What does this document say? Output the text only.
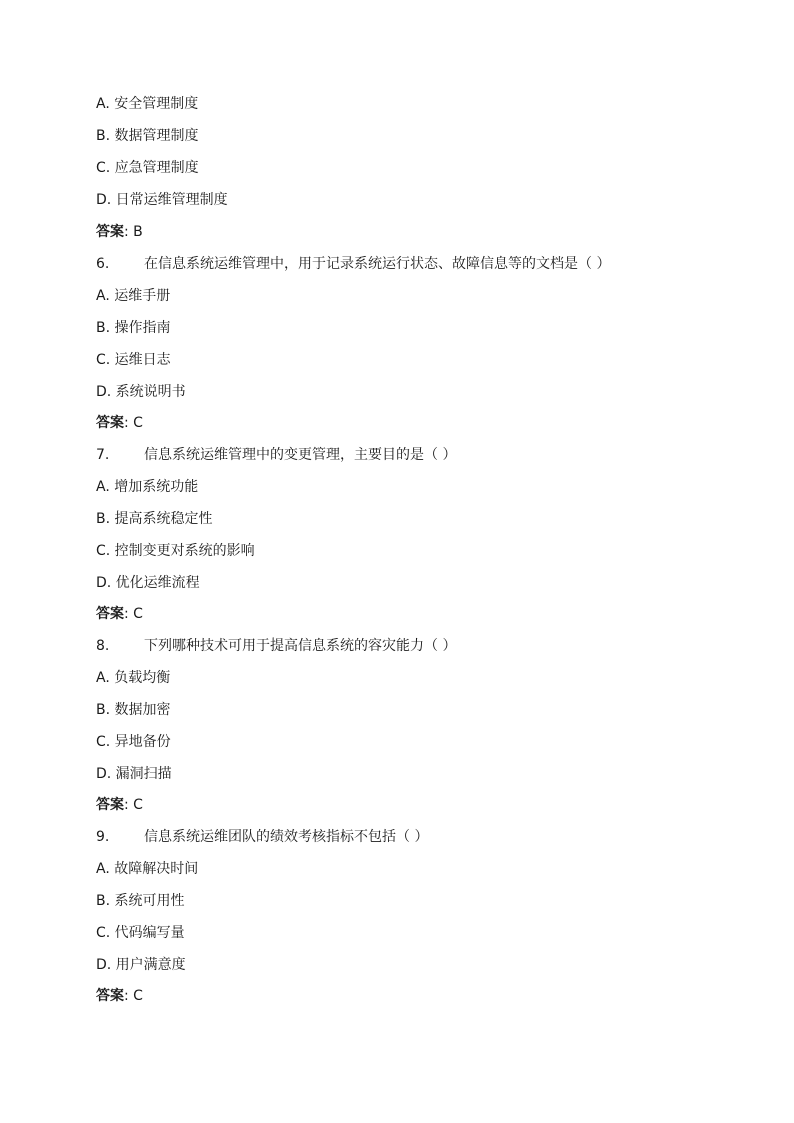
A. 安全管理制度
B. 数据管理制度
C. 应急管理制度
D. 日常运维管理制度
答案: B
6. 在信息系统运维管理中，用于记录系统运行状态、故障信息等的文档是（ ）
A. 运维手册
B. 操作指南
C. 运维日志
D. 系统说明书
答案: C
7. 信息系统运维管理中的变更管理，主要目的是（ ）
A. 增加系统功能
B. 提高系统稳定性
C. 控制变更对系统的影响
D. 优化运维流程
答案: C
8. 下列哪种技术可用于提高信息系统的容灾能力（ ）
A. 负载均衡
B. 数据加密
C. 异地备份
D. 漏洞扫描
答案: C
9. 信息系统运维团队的绩效考核指标不包括（ ）
A. 故障解决时间
B. 系统可用性
C. 代码编写量
D. 用户满意度
答案: C
